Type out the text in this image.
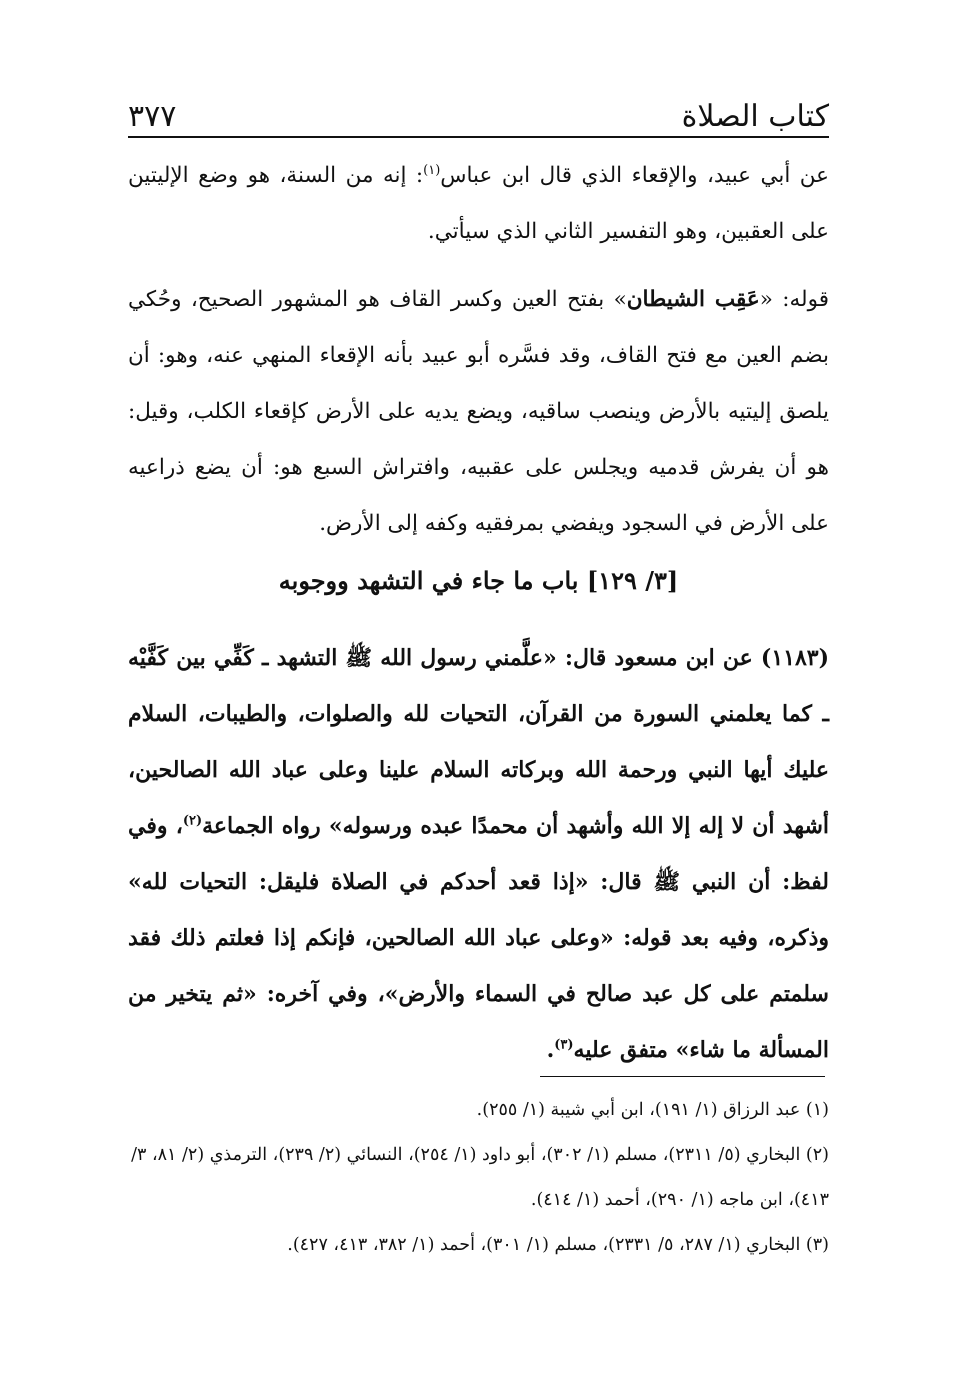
كتاب الصلاة
٣٧٧

عن أبي عبيد، والإقعاء الذي قال ابن عباس$^{(١)}$: إنه من السنة، هو وضع الإليتين على العقبين، وهو التفسير الثاني الذي سيأتي.

قوله: «عَقِب الشيطان» بفتح العين وكسر القاف هو المشهور الصحيح، وحُكي بضم العين مع فتح القاف، وقد فسَّره أبو عبيد بأنه الإقعاء المنهي عنه، وهو: أن يلصق إليتيه بالأرض وينصب ساقيه، ويضع يديه على الأرض كإقعاء الكلب، وقيل: هو أن يفرش قدميه ويجلس على عقبيه، وافتراش السبع هو: أن يضع ذراعيه على الأرض في السجود ويفضي بمرفقيه وكفه إلى الأرض.

[٣/ ١٢٩] باب ما جاء في التشهد ووجوبه

(١١٨٣) عن ابن مسعود قال: «علَّمني رسول الله ﷺ التشهد ـ كَفِّي بين كَفَّيْه ـ كما يعلمني السورة من القرآن، التحيات لله والصلوات، والطيبات، السلام عليك أيها النبي ورحمة الله وبركاته السلام علينا وعلى عباد الله الصالحين، أشهد أن لا إله إلا الله وأشهد أن محمدًا عبده ورسوله» رواه الجماعة$^{(٢)}$، وفي لفظ: أن النبي ﷺ قال: «إذا قعد أحدكم في الصلاة فليقل: التحيات لله» وذكره، وفيه بعد قوله: «وعلى عباد الله الصالحين، فإنكم إذا فعلتم ذلك فقد سلمتم على كل عبد صالح في السماء والأرض»، وفي آخره: «ثم يتخير من المسألة ما شاء» متفق عليه$^{(٣)}$.

(١) عبد الرزاق (١/ ١٩١)، ابن أبي شيبة (١/ ٢٥٥).

(٢) البخاري (٥/ ٢٣١١)، مسلم (١/ ٣٠٢)، أبو داود (١/ ٢٥٤)، النسائي (٢/ ٢٣٩)، الترمذي (٢/ ٨١، ٣/ ٤١٣)، ابن ماجه (١/ ٢٩٠)، أحمد (١/ ٤١٤).

(٣) البخاري (١/ ٢٨٧، ٥/ ٢٣٣١)، مسلم (١/ ٣٠١)، أحمد (١/ ٣٨٢، ٤١٣، ٤٢٧).
